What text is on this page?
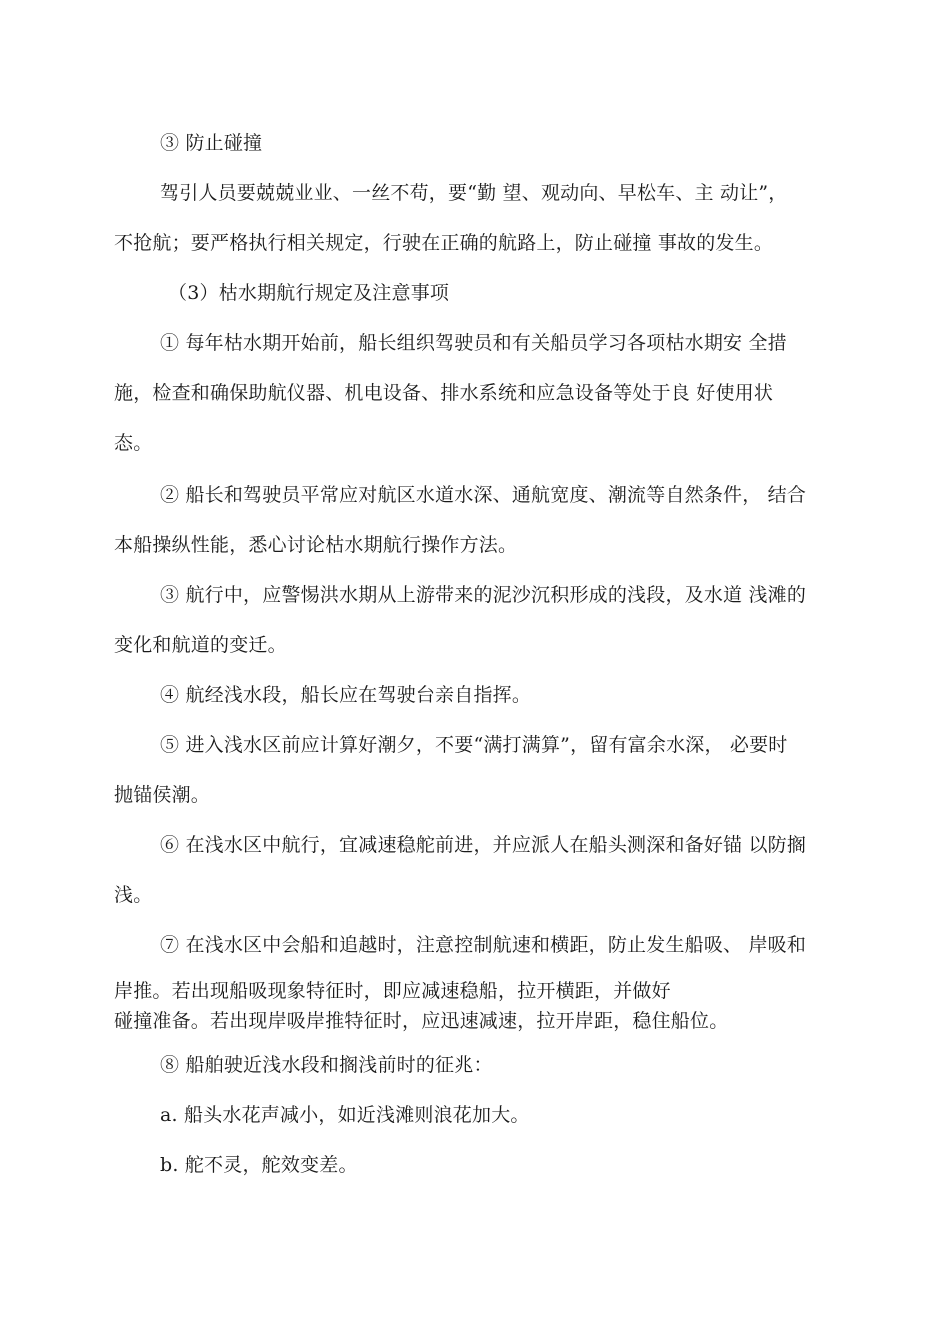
③ 防止碰撞
驾引人员要兢兢业业、一丝不苟，要“勤 望、观动向、早松车、主 动让”，
不抢航；要严格执行相关规定，行驶在正确的航路上，防止碰撞 事故的发生。
（3）枯水期航行规定及注意事项
① 每年枯水期开始前，船长组织驾驶员和有关船员学习各项枯水期安 全措
施，检查和确保助航仪器、机电设备、排水系统和应急设备等处于良 好使用状
态。
② 船长和驾驶员平常应对航区水道水深、通航宽度、潮流等自然条件， 结合
本船操纵性能，悉心讨论枯水期航行操作方法。
③ 航行中，应警惕洪水期从上游带来的泥沙沉积形成的浅段，及水道 浅滩的
变化和航道的变迁。
④ 航经浅水段，船长应在驾驶台亲自指挥。
⑤ 进入浅水区前应计算好潮夕，不要“满打满算”，留有富余水深， 必要时
抛锚侯潮。
⑥ 在浅水区中航行，宜减速稳舵前进，并应派人在船头测深和备好锚 以防搁
浅。
⑦ 在浅水区中会船和追越时，注意控制航速和横距，防止发生船吸、 岸吸和
岸推。若出现船吸现象特征时，即应减速稳船，拉开横距，并做好
碰撞准备。若出现岸吸岸推特征时，应迅速减速，拉开岸距，稳住船位。
⑧ 船舶驶近浅水段和搁浅前时的征兆：
a. 船头水花声减小，如近浅滩则浪花加大。
b. 舵不灵，舵效变差。
